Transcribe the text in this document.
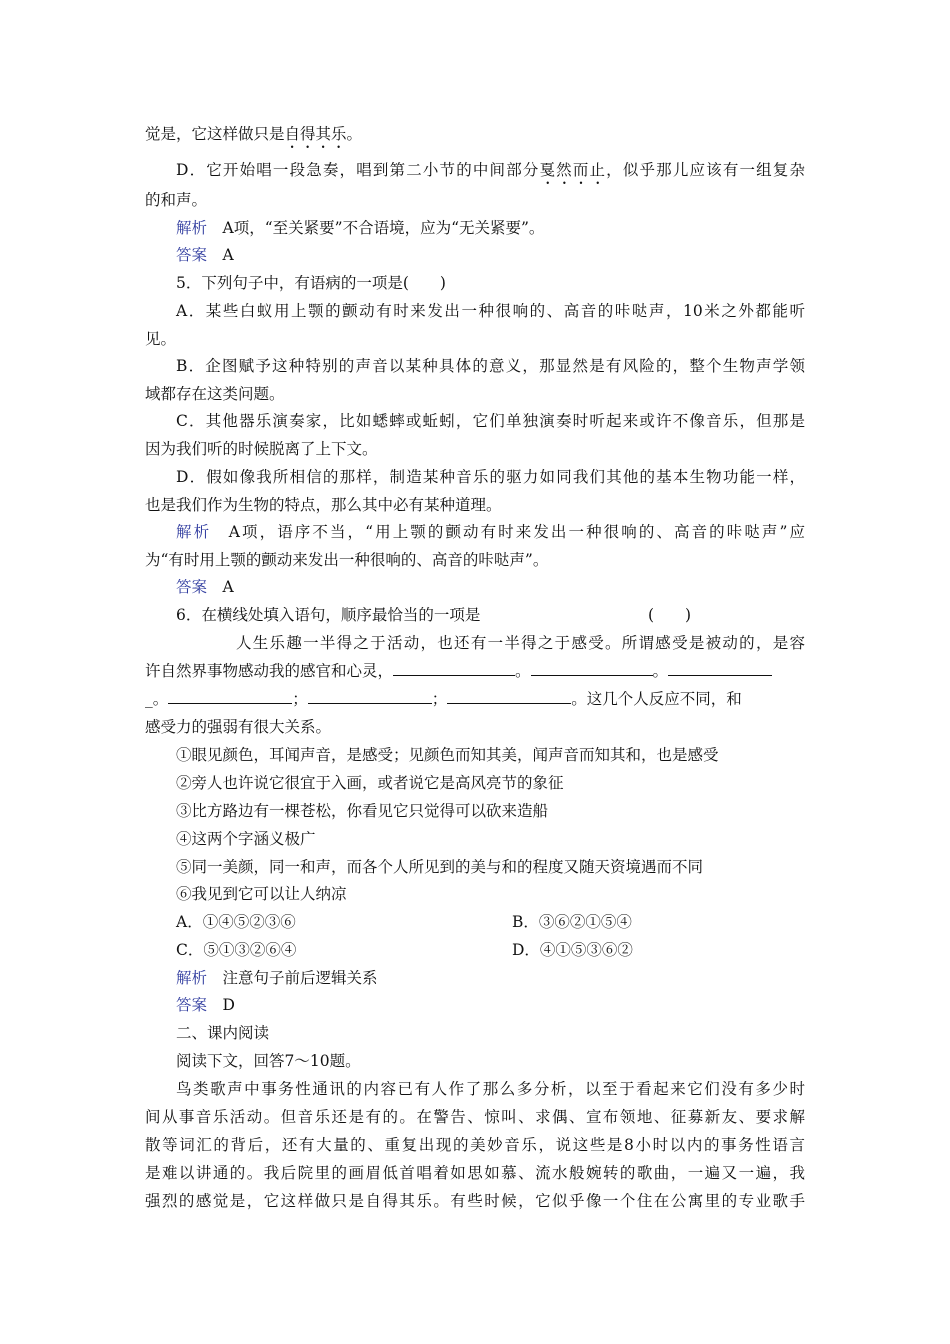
觉是，它这样做只是自得其乐。
D．它开始唱一段急奏，唱到第二小节的中间部分戛然而止，似乎那儿应该有一组复杂
的和声。
解析　 A项，“至关紧要”不合语境，应为“无关紧要”。
答案　 A
5．下列句子中，有语病的一项是(　　)
A．某些白蚁用上颚的颤动有时来发出一种很响的、高音的咔哒声，10米之外都能听
见。
B．企图赋予这种特别的声音以某种具体的意义，那显然是有风险的，整个生物声学领
域都存在这类问题。
C．其他器乐演奏家，比如蟋蟀或蚯蚓，它们单独演奏时听起来或许不像音乐，但那是
因为我们听的时候脱离了上下文。
D．假如像我所相信的那样，制造某种音乐的驱力如同我们其他的基本生物功能一样，
也是我们作为生物的特点，那么其中必有某种道理。
解析　 A项，语序不当，“用上颚的颤动有时来发出一种很响的、高音的咔哒声”应
为“有时用上颚的颤动来发出一种很响的、高音的咔哒声”。
答案　 A
6．在横线处填入语句，顺序最恰当的一项是	(　　)
人生乐趣一半得之于活动，也还有一半得之于感受。所谓感受是被动的，是容
许自然界事物感动我的感官和心灵，	。	。
_。	；	；	。这几个人反应不同，和
感受力的强弱有很大关系。
①眼见颜色，耳闻声音，是感受；见颜色而知其美，闻声音而知其和，也是感受
②旁人也许说它很宜于入画，或者说它是高风亮节的象征
③比方路边有一棵苍松，你看见它只觉得可以砍来造船
④这两个字涵义极广
⑤同一美颜，同一和声，而各个人所见到的美与和的程度又随天资境遇而不同
⑥我见到它可以让人纳凉
A．①④⑤②③⑥	B．③⑥②①⑤④
C．⑤①③②⑥④	D．④①⑤③⑥②
解析　 注意句子前后逻辑关系
答案　 D
二、课内阅读
阅读下文，回答7～10题。
鸟类歌声中事务性通讯的内容已有人作了那么多分析，以至于看起来它们没有多少时
间从事音乐活动。但音乐还是有的。在警告、惊叫、求偶、宣布领地、征募新友、要求解
散等词汇的背后，还有大量的、重复出现的美妙音乐，说这些是8小时以内的事务性语言
是难以讲通的。我后院里的画眉低首唱着如思如慕、流水般婉转的歌曲，一遍又一遍，我
强烈的感觉是，它这样做只是自得其乐。有些时候，它似乎像一个住在公寓里的专业歌手
